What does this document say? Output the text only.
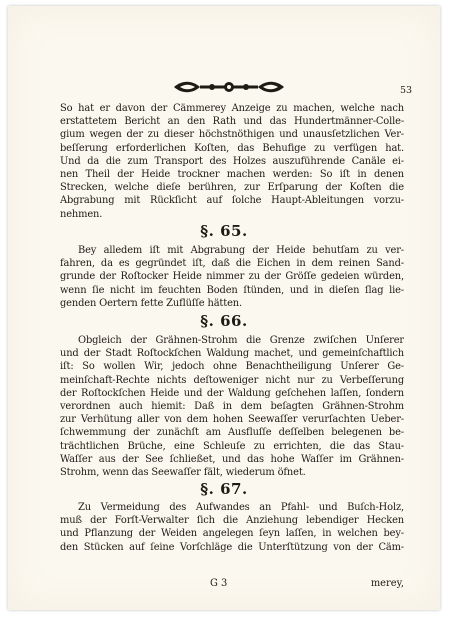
53
So hat er davon der Cämmerey Anzeige zu machen, welche nach
erstattetem Bericht an den Rath und das Hundertmänner-Colle-
gium wegen der zu dieser höchstnöthigen und unausſetzlichen Ver-
beſſerung erforderlichen Koſten, das Behufige zu verfügen hat.
Und da die zum Transport des Holzes auszuführende Canäle ei-
nen Theil der Heide trockner machen werden: So iſt in denen
Strecken, welche dieſe berühren, zur Erſparung der Koſten die
Abgrabung mit Rückſicht auf ſolche Haupt-Ableitungen vorzu-
nehmen.
§. 65.
Bey alledem iſt mit Abgrabung der Heide behutſam zu ver-
fahren, da es gegründet iſt, daß die Eichen in dem reinen Sand-
grunde der Roſtocker Heide nimmer zu der Gröſſe gedeien würden,
wenn ſie nicht im feuchten Boden ſtünden, und in dieſen ſlag lie-
genden Oertern fette Zuflüſſe hätten.
§. 66.
Obgleich der Grähnen-Strohm die Grenze zwiſchen Unſerer
und der Stadt Roſtockſchen Waldung machet, und gemeinſchaftlich
iſt: So wollen Wir, jedoch ohne Benachtheiligung Unſerer Ge-
meinſchaft-Rechte nichts deſtoweniger nicht nur zu Verbeſſerung
der Roſtockſchen Heide und der Waldung geſchehen laſſen, ſondern
verordnen auch hiemit: Daß in dem beſagten Grähnen-Strohm
zur Verhütung aller von dem hohen Seewaſſer verurſachten Ueber-
ſchwemmung der zunächſt am Ausfluſſe deſſelben belegenen be-
trächtlichen Brüche, eine Schleuſe zu errichten, die das Stau-
Waſſer aus der See ſchließet, und das hohe Waſſer im Grähnen-
Strohm, wenn das Seewaſſer fält, wiederum öfnet.
§. 67.
Zu Vermeidung des Aufwandes an Pfahl- und Buſch-Holz,
muß der Forſt-Verwalter ſich die Anziehung lebendiger Hecken
und Pflanzung der Weiden angelegen ſeyn laſſen, in welchen bey-
den Stücken auf ſeine Vorſchläge die Unterſtützung von der Cäm-
G 3	merey,
